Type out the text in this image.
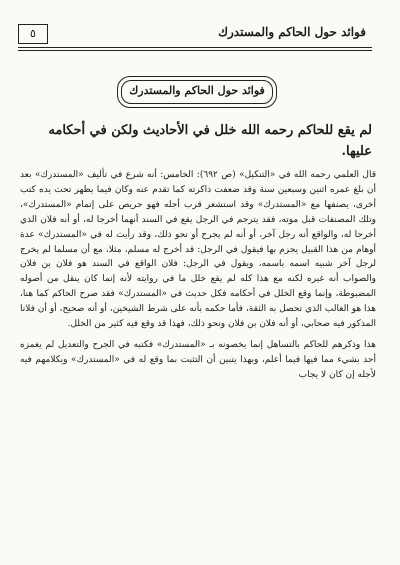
فوائد حول الحاكم والمستدرك
٥
فوائد حول الحاكم والمستدرك
لم يقع للحاكم رحمه الله خلل في الأحاديث ولكن في أحكامه عليها.

قال العلمي رحمه الله في «التنكيل» (ص ٦٩٢): الخامس: أنه شرع في تأليف «المستدرك» بعد أن بلغ عمره اثنين وسبعين سنة وقد ضعفت ذاكرته كما تقدم عنه وكان فيما يظهر تحت يده كتب أخرى، يصنفها مع «المستدرك» وقد استشعر قرب أجله فهو حريص على إتمام «المستدرك»، وتلك المصنفات قبل موته، فقد يترجم في الرجل يقع في السند أنهما أخرجا له، أو أنه فلان الذي أخرجا له، والواقع أنه رجل آخر، أو أنه لم يجرح أو نحو ذلك، وقد رأيت له في «المستدرك» عدة أوهام من هذا القبيل يجزم بها فيقول في الرجل: قد أخرج له مسلم، مثلا، مع أن مسلما لم يخرج لرجل آخر شبيه اسمه باسمه، ويقول في الرجل: فلان الواقع في السند هو فلان بن فلان والصواب أنه غيره لكنه مع هذا كله لم يقع خلل ما في روايته لأنه إنما كان ينقل من أصوله المضبوطة، وإنما وقع الخلل في أحكامه فكل حديث في «المستدرك» فقد صرح الحاكم كما هنا، هذا هو الغالب الذي تحصل به الثقة، فأما حكمه بأنه على شرط الشيخين، أو أنه صحيح، أو أن فلانا المذكور فيه صحابي، أو أنه فلان بن فلان ونحو ذلك، فهذا قد وقع فيه كثير من الخلل.

هذا وذكرهم للحاكم بالتساهل إنما يخصونه بـ «المستدرك» فكتبه في الجرح والتعديل لم يغمزه أحد بشيء مما فيها فيما أعلم، وبهذا يتبين أن التثبت بما وقع له في «المستدرك» وبكلامهم فيه لأجله إن كان لا يجاب
